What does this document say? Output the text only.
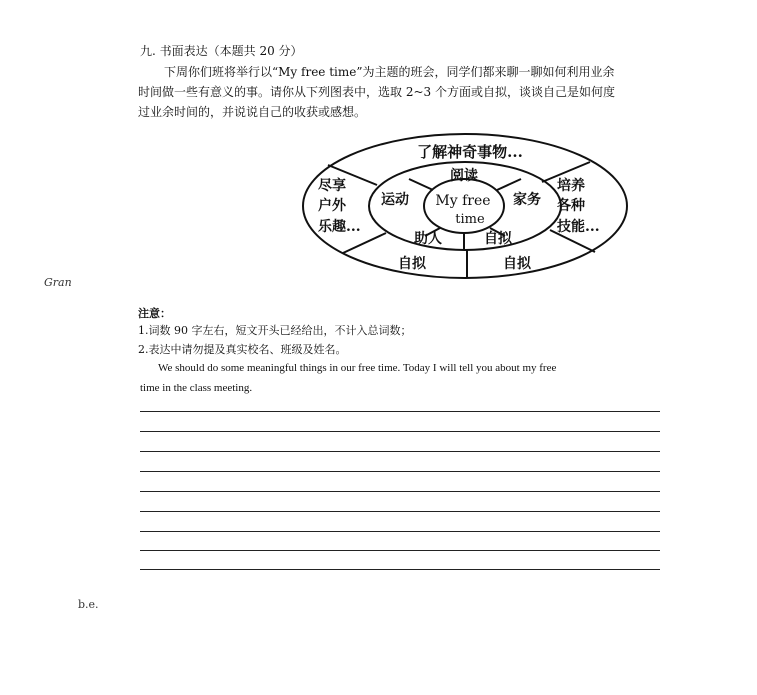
九. 书面表达（本题共 20 分）
下周你们班将举行以“My free time”为主题的班会，同学们都来聊一聊如何利用业余
时间做一些有意义的事。请你从下列图表中，选取 2~3 个方面或自拟，谈谈自己是如何度
过业余时间的，并说说自己的收获或感想。
My free
time
阅读
运动	家务
助人	自拟
了解神奇事物...
尽享
户外
乐趣...
培养
各种
技能...
自拟	自拟
Gran
注意：
1.词数 90 字左右，短文开头已经给出，不计入总词数；
2.表达中请勿提及真实校名、班级及姓名。
We should do some meaningful things in our free time. Today I will tell you about my free
time in the class meeting.
b.e.
